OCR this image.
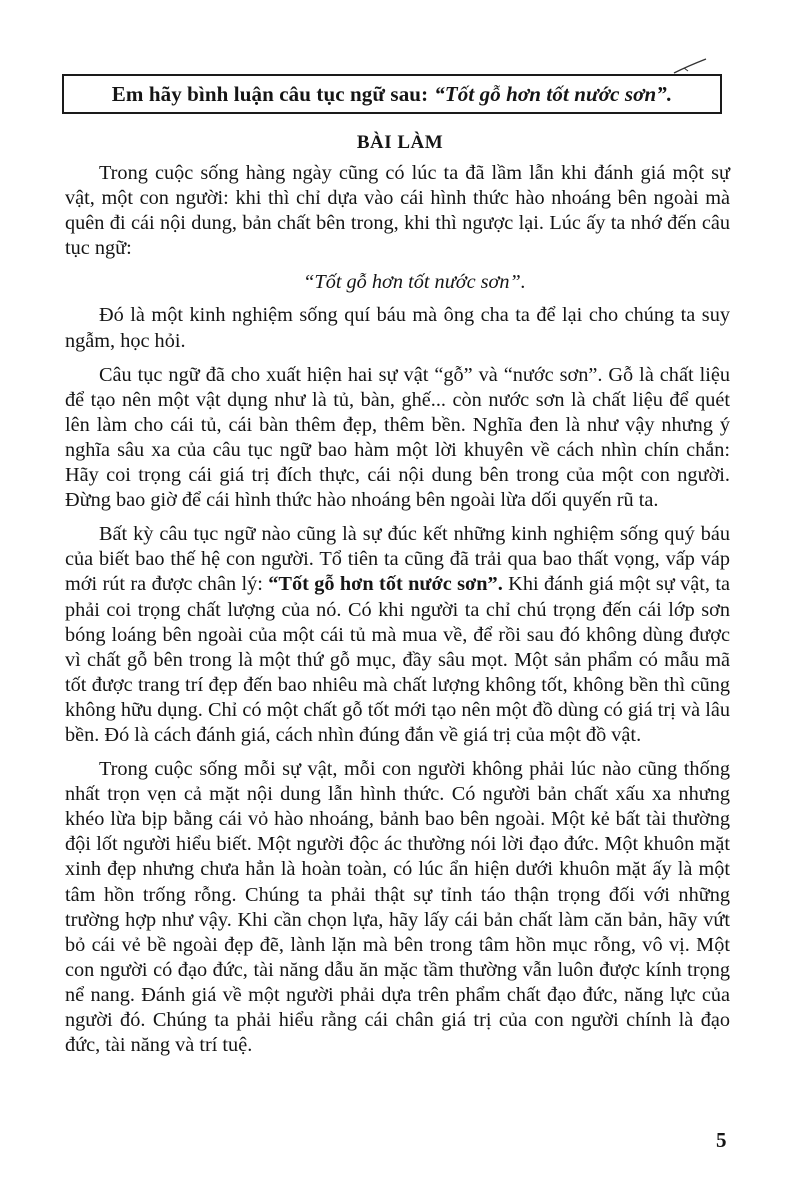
Em hãy bình luận câu tục ngữ sau: “Tốt gỗ hơn tốt nước sơn”.
BÀI LÀM

Trong cuộc sống hàng ngày cũng có lúc ta đã lầm lẫn khi đánh giá một sự vật, một con người: khi thì chỉ dựa vào cái hình thức hào nhoáng bên ngoài mà quên đi cái nội dung, bản chất bên trong, khi thì ngược lại. Lúc ấy ta nhớ đến câu tục ngữ:

“Tốt gỗ hơn tốt nước sơn”.

Đó là một kinh nghiệm sống quí báu mà ông cha ta để lại cho chúng ta suy ngẫm, học hỏi.

Câu tục ngữ đã cho xuất hiện hai sự vật “gỗ” và “nước sơn”. Gỗ là chất liệu để tạo nên một vật dụng như là tủ, bàn, ghế... còn nước sơn là chất liệu để quét lên làm cho cái tủ, cái bàn thêm đẹp, thêm bền. Nghĩa đen là như vậy nhưng ý nghĩa sâu xa của câu tục ngữ bao hàm một lời khuyên về cách nhìn chín chắn: Hãy coi trọng cái giá trị đích thực, cái nội dung bên trong của một con người. Đừng bao giờ để cái hình thức hào nhoáng bên ngoài lừa dối quyến rũ ta.

Bất kỳ câu tục ngữ nào cũng là sự đúc kết những kinh nghiệm sống quý báu của biết bao thế hệ con người. Tổ tiên ta cũng đã trải qua bao thất vọng, vấp váp mới rút ra được chân lý: “Tốt gỗ hơn tốt nước sơn”. Khi đánh giá một sự vật, ta phải coi trọng chất lượng của nó. Có khi người ta chỉ chú trọng đến cái lớp sơn bóng loáng bên ngoài của một cái tủ mà mua về, để rồi sau đó không dùng được vì chất gỗ bên trong là một thứ gỗ mục, đầy sâu mọt. Một sản phẩm có mẫu mã tốt được trang trí đẹp đến bao nhiêu mà chất lượng không tốt, không bền thì cũng không hữu dụng. Chỉ có một chất gỗ tốt mới tạo nên một đồ dùng có giá trị và lâu bền. Đó là cách đánh giá, cách nhìn đúng đắn về giá trị của một đồ vật.

Trong cuộc sống mỗi sự vật, mỗi con người không phải lúc nào cũng thống nhất trọn vẹn cả mặt nội dung lẫn hình thức. Có người bản chất xấu xa nhưng khéo lừa bịp bằng cái vỏ hào nhoáng, bảnh bao bên ngoài. Một kẻ bất tài thường đội lốt người hiểu biết. Một người độc ác thường nói lời đạo đức. Một khuôn mặt xinh đẹp nhưng chưa hẳn là hoàn toàn, có lúc ẩn hiện dưới khuôn mặt ấy là một tâm hồn trống rỗng. Chúng ta phải thật sự tỉnh táo thận trọng đối với những trường hợp như vậy. Khi cần chọn lựa, hãy lấy cái bản chất làm căn bản, hãy vứt bỏ cái vẻ bề ngoài đẹp đẽ, lành lặn mà bên trong tâm hồn mục rỗng, vô vị. Một con người có đạo đức, tài năng dẫu ăn mặc tầm thường vẫn luôn được kính trọng nể nang. Đánh giá về một người phải dựa trên phẩm chất đạo đức, năng lực của người đó. Chúng ta phải hiểu rằng cái chân giá trị của con người chính là đạo đức, tài năng và trí tuệ.

5
